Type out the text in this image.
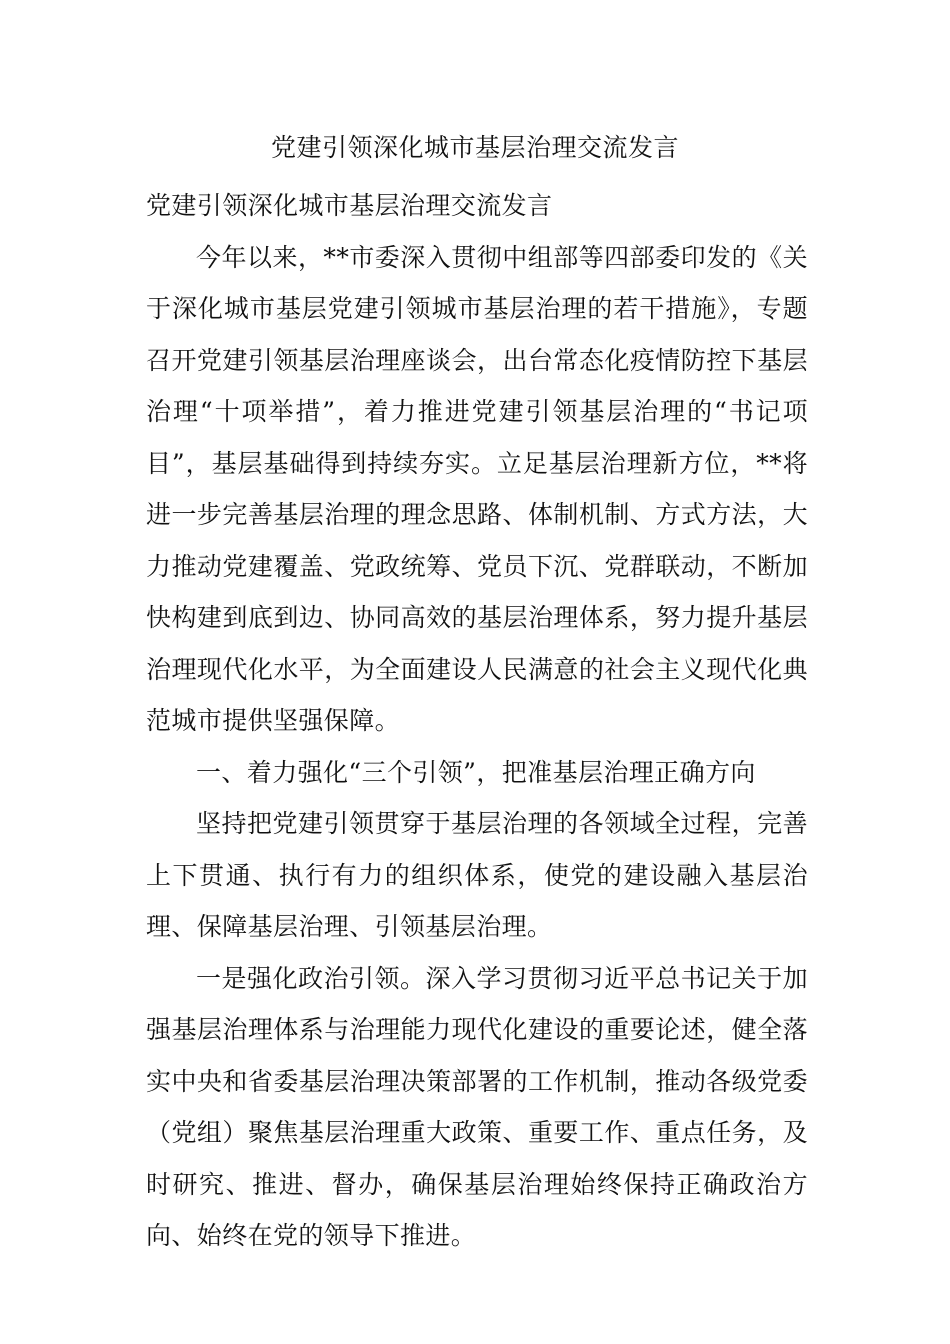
党建引领深化城市基层治理交流发言

党建引领深化城市基层治理交流发言

今年以来，**市委深入贯彻中组部等四部委印发的《关于深化城市基层党建引领城市基层治理的若干措施》，专题召开党建引领基层治理座谈会，出台常态化疫情防控下基层治理“十项举措”，着力推进党建引领基层治理的“书记项目”，基层基础得到持续夯实。立足基层治理新方位，**将进一步完善基层治理的理念思路、体制机制、方式方法，大力推动党建覆盖、党政统筹、党员下沉、党群联动，不断加快构建到底到边、协同高效的基层治理体系，努力提升基层治理现代化水平，为全面建设人民满意的社会主义现代化典范城市提供坚强保障。

一、着力强化“三个引领”，把准基层治理正确方向

坚持把党建引领贯穿于基层治理的各领域全过程，完善上下贯通、执行有力的组织体系，使党的建设融入基层治理、保障基层治理、引领基层治理。

一是强化政治引领。深入学习贯彻习近平总书记关于加强基层治理体系与治理能力现代化建设的重要论述，健全落实中央和省委基层治理决策部署的工作机制，推动各级党委（党组）聚焦基层治理重大政策、重要工作、重点任务，及时研究、推进、督办，确保基层治理始终保持正确政治方向、始终在党的领导下推进。
